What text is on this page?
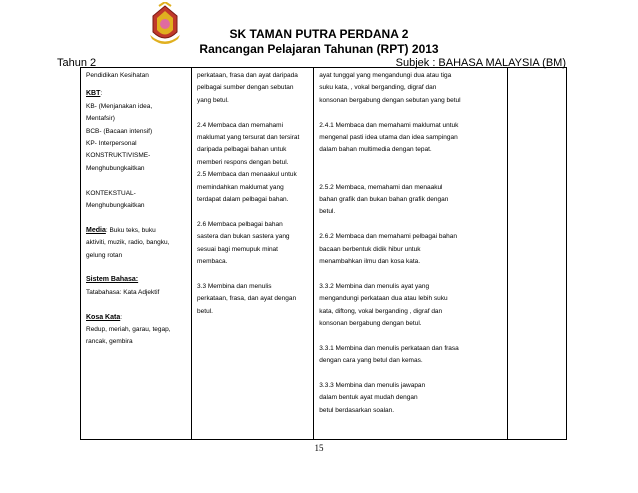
SK TAMAN PUTRA PERDANA 2
Rancangan Pelajaran Tahunan (RPT) 2013
Tahun 2	Subjek : BAHASA MALAYSIA (BM)
Pendidikan Kesihatan
KBT:
KB- (Menjanakan idea,
Mentafsir)
BCB- (Bacaan intensif)
KP- Interpersonal
KONSTRUKTIVISME-
Menghubungkaitkan
KONTEKSTUAL-
Menghubungkaitkan
Media: Buku teks, buku
aktiviti, muzik, radio, bangku,
gelung rotan
Sistem Bahasa:
Tatabahasa: Kata Adjektif
Kosa Kata:
Redup, meriah, garau, tegap,
rancak, gembira

perkataan, frasa dan ayat daripada
pelbagai sumber dengan sebutan
yang betul.
2.4 Membaca dan memahami
maklumat yang tersurat dan tersirat
daripada pelbagai bahan untuk
memberi respons dengan betul.
2.5 Membaca dan menaakul untuk
memindahkan maklumat yang
terdapat dalam pelbagai bahan.
2.6 Membaca pelbagai bahan
sastera dan bukan sastera yang
sesuai bagi memupuk minat
membaca.
3.3 Membina dan menulis
perkataan, frasa, dan ayat dengan
betul.

ayat tunggal yang mengandungi dua atau tiga
suku kata, , vokal berganding, digraf dan
konsonan bergabung dengan sebutan yang betul
2.4.1 Membaca dan memahami maklumat untuk
mengenal pasti idea utama dan idea sampingan
dalam bahan multimedia dengan tepat.
2.5.2 Membaca, memahami dan menaakul
bahan grafik dan bukan bahan grafik dengan
betul.
2.6.2 Membaca dan memahami pelbagai bahan
bacaan berbentuk didik hibur untuk
menambahkan ilmu dan kosa kata.
3.3.2 Membina dan menulis ayat yang
mengandungi perkataan dua atau lebih suku
kata, diftong, vokal berganding , digraf dan
konsonan bergabung dengan betul.
3.3.1 Membina dan menulis perkataan dan frasa
dengan cara yang betul dan kemas.
3.3.3 Membina dan menulis jawapan
dalam bentuk ayat mudah dengan
betul berdasarkan soalan.

15
